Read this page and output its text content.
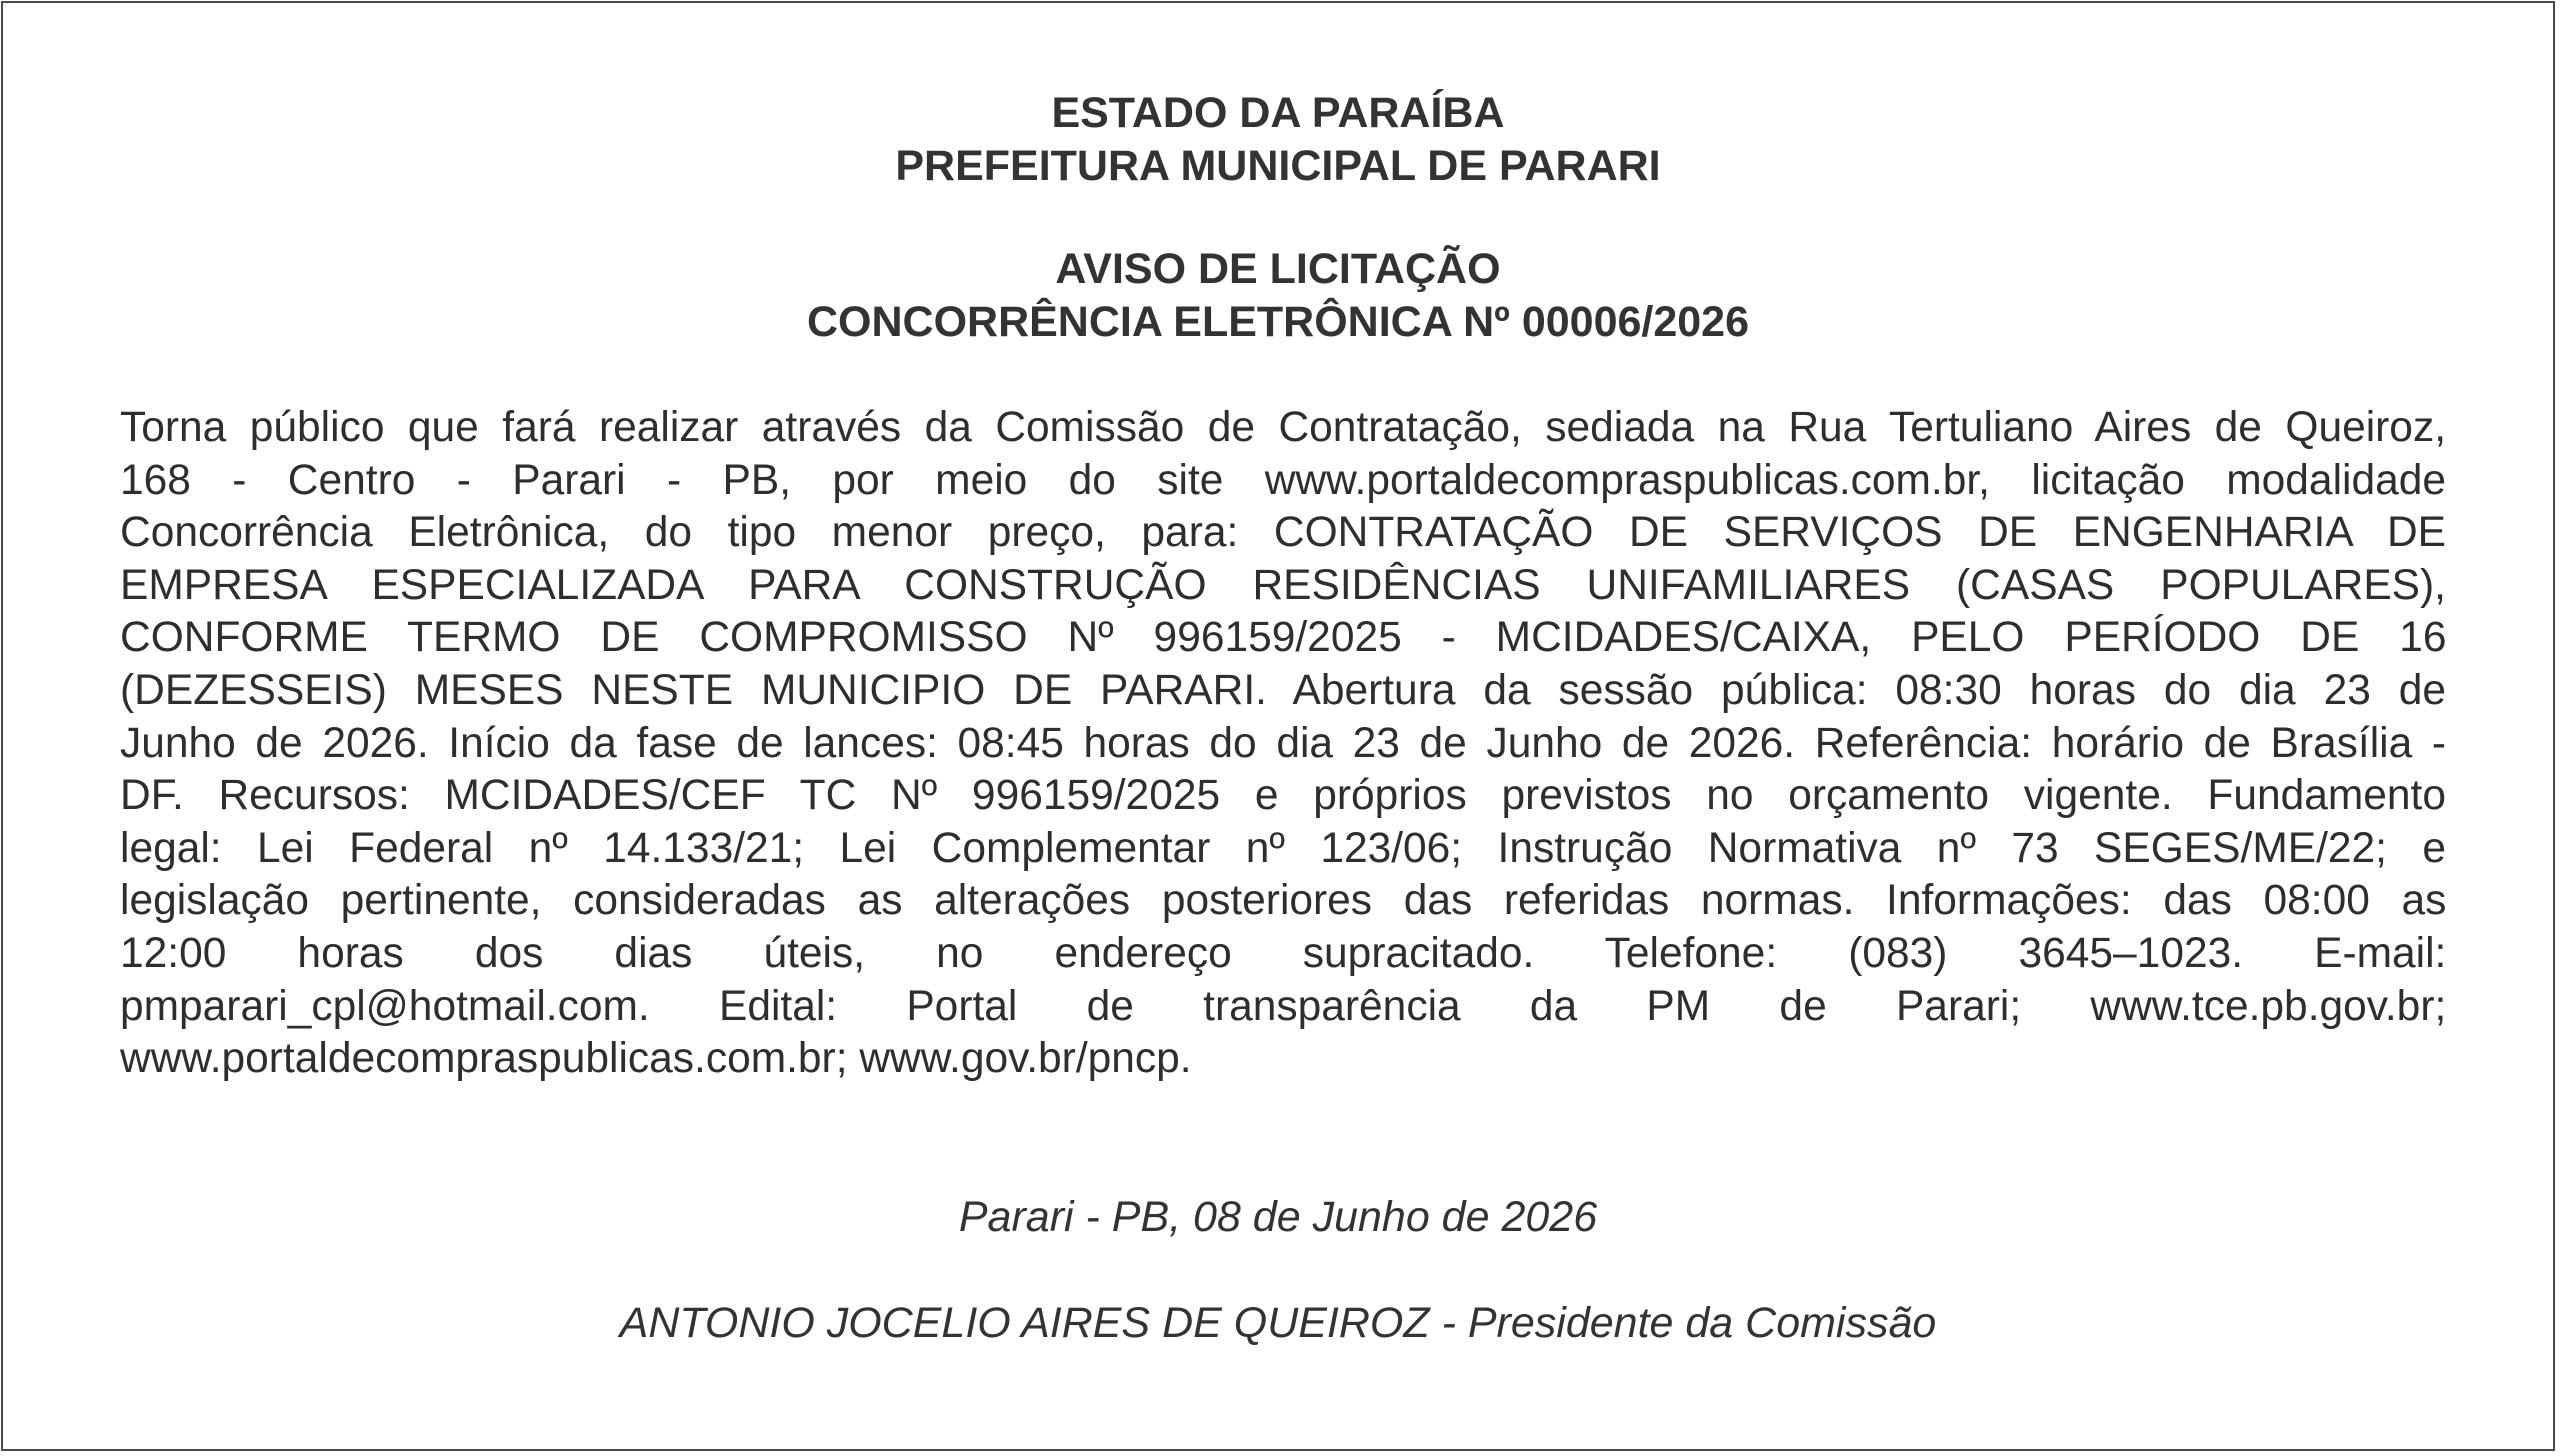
ESTADO DA PARAÍBA
PREFEITURA MUNICIPAL DE PARARI
AVISO DE LICITAÇÃO
CONCORRÊNCIA ELETRÔNICA Nº 00006/2026
Torna público que fará realizar através da Comissão de Contratação, sediada na Rua Tertuliano Aires de Queiroz,
168 - Centro - Parari - PB, por meio do site www.portaldecompraspublicas.com.br, licitação modalidade
Concorrência Eletrônica, do tipo menor preço, para: CONTRATAÇÃO DE SERVIÇOS DE ENGENHARIA DE
EMPRESA ESPECIALIZADA PARA CONSTRUÇÃO RESIDÊNCIAS UNIFAMILIARES (CASAS POPULARES),
CONFORME TERMO DE COMPROMISSO Nº 996159/2025 - MCIDADES/CAIXA, PELO PERÍODO DE 16
(DEZESSEIS) MESES NESTE MUNICIPIO DE PARARI. Abertura da sessão pública: 08:30 horas do dia 23 de
Junho de 2026. Início da fase de lances: 08:45 horas do dia 23 de Junho de 2026. Referência: horário de Brasília -
DF. Recursos: MCIDADES/CEF TC Nº 996159/2025 e próprios previstos no orçamento vigente. Fundamento
legal: Lei Federal nº 14.133/21; Lei Complementar nº 123/06; Instrução Normativa nº 73 SEGES/ME/22; e
legislação pertinente, consideradas as alterações posteriores das referidas normas. Informações: das 08:00 as
12:00 horas dos dias úteis, no endereço supracitado. Telefone: (083) 3645–1023. E-mail:
pmparari_cpl@hotmail.com. Edital: Portal de transparência da PM de Parari; www.tce.pb.gov.br;
www.portaldecompraspublicas.com.br; www.gov.br/pncp.
Parari - PB, 08 de Junho de 2026
ANTONIO JOCELIO AIRES DE QUEIROZ - Presidente da Comissão
